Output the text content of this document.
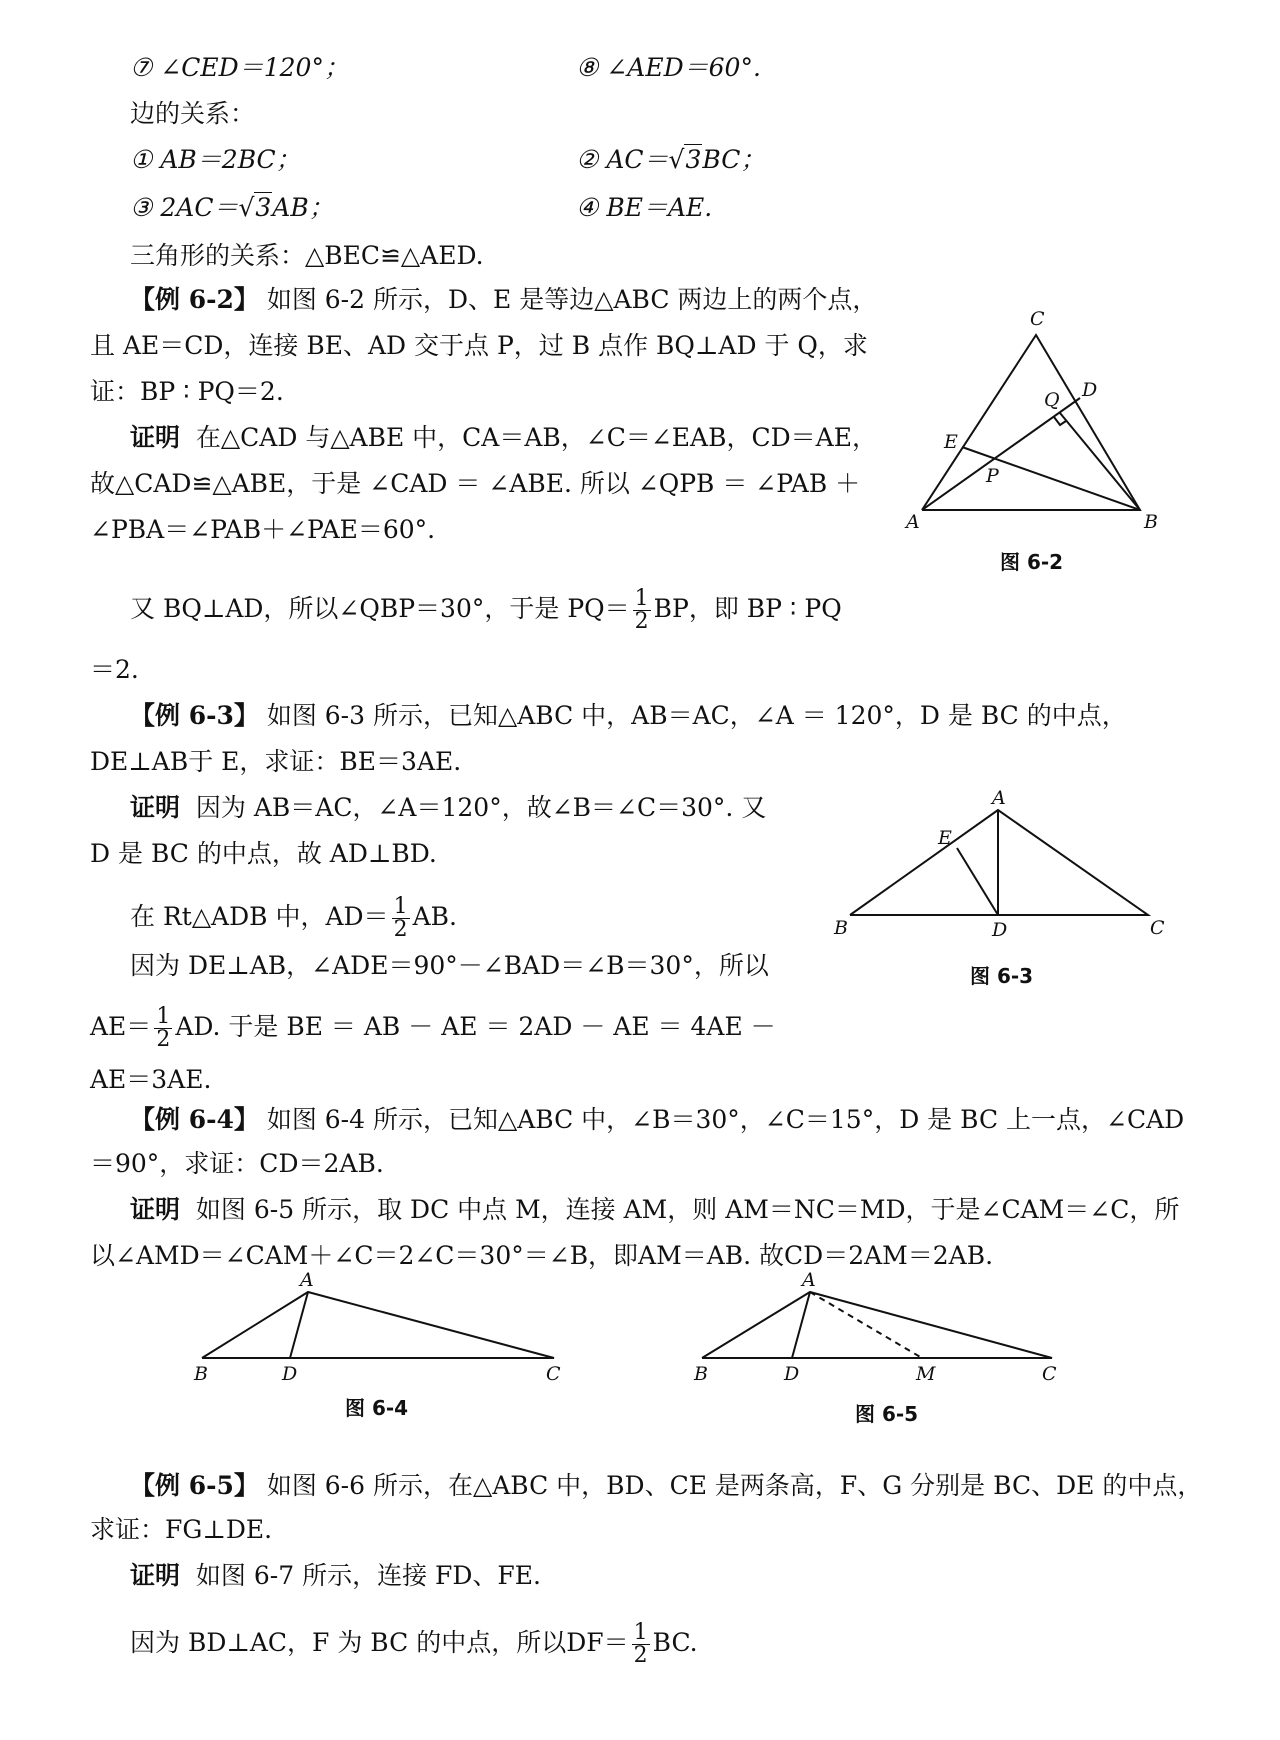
⑦ ∠CED＝120°；	⑧ ∠AED＝60°.
边的关系：
① AB＝2BC；	② AC＝√3BC；
③ 2AC＝√3AB；	④ BE＝AE.
三角形的关系：△BEC≌△AED.
【例 6-2】 如图 6-2 所示，D、E 是等边△ABC 两边上的两个点，
且 AE＝CD，连接 BE、AD 交于点 P，过 B 点作 BQ⊥AD 于 Q，求
证：BP ∶ PQ＝2.
证明 在△CAD 与△ABE 中，CA＝AB，∠C＝∠EAB，CD＝AE，
故△CAD≌△ABE，于是 ∠CAD ＝ ∠ABE. 所以 ∠QPB ＝ ∠PAB ＋
∠PBA＝∠PAB＋∠PAE＝60°.
又 BQ⊥AD，所以∠QBP＝30°，于是 $PQ= \frac{1}{2}$ BP，即 BP ∶ PQ
＝2.
C
D
Q
E
P
A	B
图 6-2
【例 6-3】 如图 6-3 所示，已知△ABC 中，AB＝AC，∠A ＝ 120°，D 是 BC 的中点，
DE⊥AB于 E，求证：BE＝3AE.
证明 因为 AB＝AC，∠A＝120°，故∠B＝∠C＝30°. 又
D 是 BC 的中点，故 AD⊥BD.
在 Rt△ADB 中，$AD= \frac{1}{2}$ AB.
因为 DE⊥AB，∠ADE＝90°－∠BAD＝∠B＝30°，所以
$AE= \frac{1}{2}$ AD. 于是 BE ＝ AB － AE ＝ 2AD － AE ＝ 4AE －
AE＝3AE.
A
E
B	D	C
图 6-3
【例 6-4】 如图 6-4 所示，已知△ABC 中，∠B＝30°，∠C＝15°，D 是 BC 上一点，∠CAD
＝90°，求证：CD＝2AB.
证明 如图 6-5 所示，取 DC 中点 M，连接 AM，则 AM＝NC＝MD，于是∠CAM＝∠C，所
以∠AMD＝∠CAM＋∠C＝2∠C＝30°＝∠B，即AM＝AB. 故CD＝2AM＝2AB.
A
B	D	C
图 6-4
A
B	D	M	C
图 6-5
【例 6-5】 如图 6-6 所示，在△ABC 中，BD、CE 是两条高，F、G 分别是 BC、DE 的中点，
求证：FG⊥DE.
证明 如图 6-7 所示，连接 FD、FE.
因为 BD⊥AC，F 为 BC 的中点，所以$DF= \frac{1}{2}$ BC.
